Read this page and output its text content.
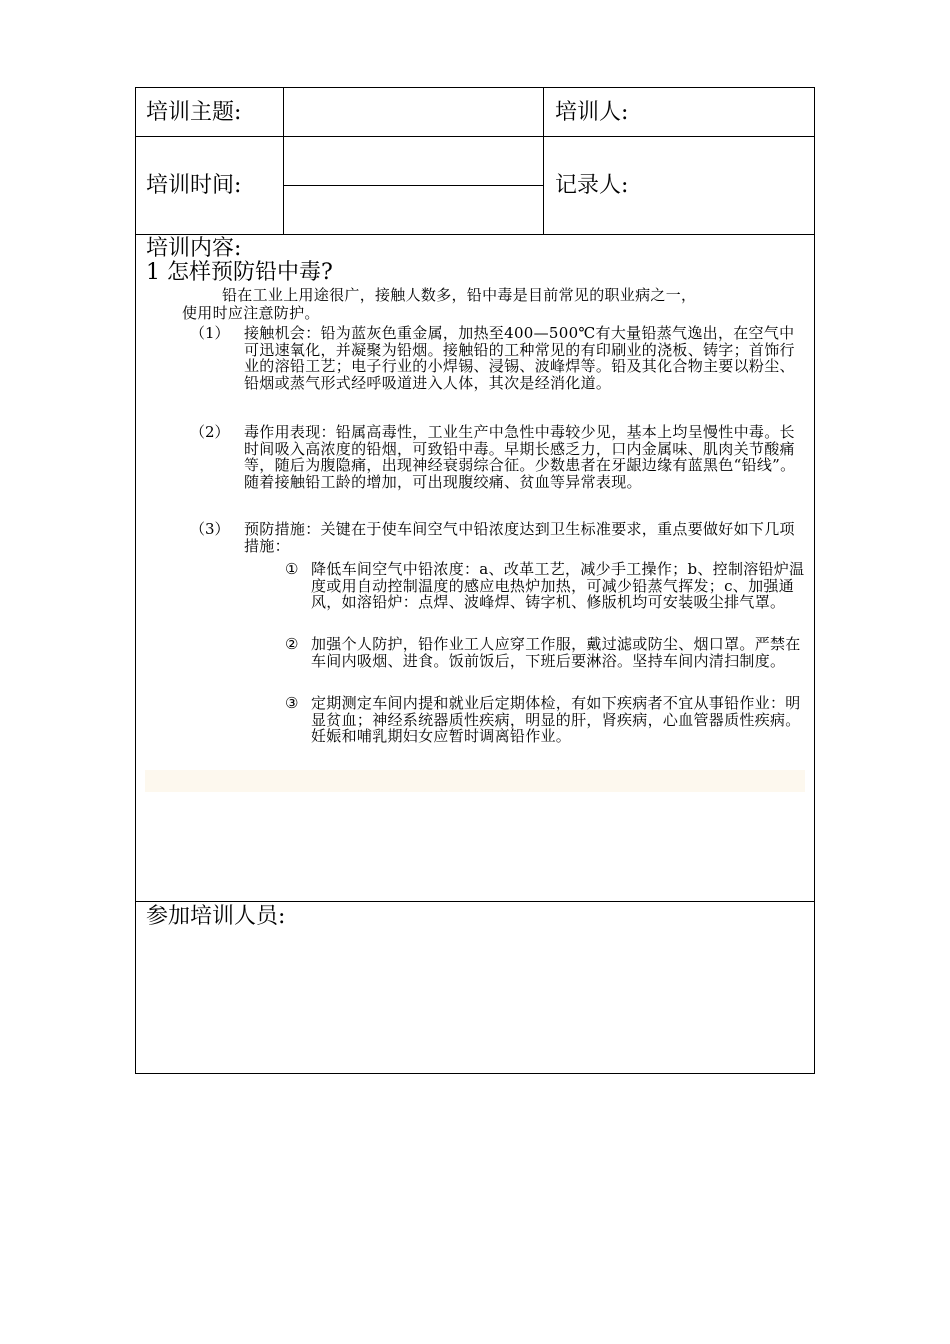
培训主题:	培训人:
培训时间:	记录人:
培训内容:
1 怎样预防铅中毒?
铅在工业上用途很广，接触人数多，铅中毒是目前常见的职业病之一，
使用时应注意防护。
（1） 接触机会：铅为蓝灰色重金属，加热至400—500℃有大量铅蒸气逸出，在空气中可迅速氧化，并凝聚为铅烟。接触铅的工种常见的有印刷业的浇板、铸字；首饰行业的溶铅工艺；电子行业的小焊锡、浸锡、波峰焊等。铅及其化合物主要以粉尘、铅烟或蒸气形式经呼吸道进入人体，其次是经消化道。
（2） 毒作用表现：铅属高毒性，工业生产中急性中毒较少见，基本上均呈慢性中毒。长时间吸入高浓度的铅烟，可致铅中毒。早期长感乏力，口内金属味、肌肉关节酸痛等，随后为腹隐痛，出现神经衰弱综合征。少数患者在牙龈边缘有蓝黑色“铅线”。随着接触铅工龄的增加，可出现腹绞痛、贫血等异常表现。
（3） 预防措施：关键在于使车间空气中铅浓度达到卫生标准要求，重点要做好如下几项措施：
① 降低车间空气中铅浓度：a、改革工艺，减少手工操作；b、控制溶铅炉温度或用自动控制温度的感应电热炉加热，可减少铅蒸气挥发；c、加强通风，如溶铅炉：点焊、波峰焊、铸字机、修版机均可安装吸尘排气罩。
② 加强个人防护，铅作业工人应穿工作服，戴过滤或防尘、烟口罩。严禁在车间内吸烟、进食。饭前饭后，下班后要淋浴。坚持车间内清扫制度。
③ 定期测定车间内提和就业后定期体检，有如下疾病者不宜从事铅作业：明显贫血；神经系统器质性疾病，明显的肝，肾疾病，心血管器质性疾病。妊娠和哺乳期妇女应暂时调离铅作业。
参加培训人员:
